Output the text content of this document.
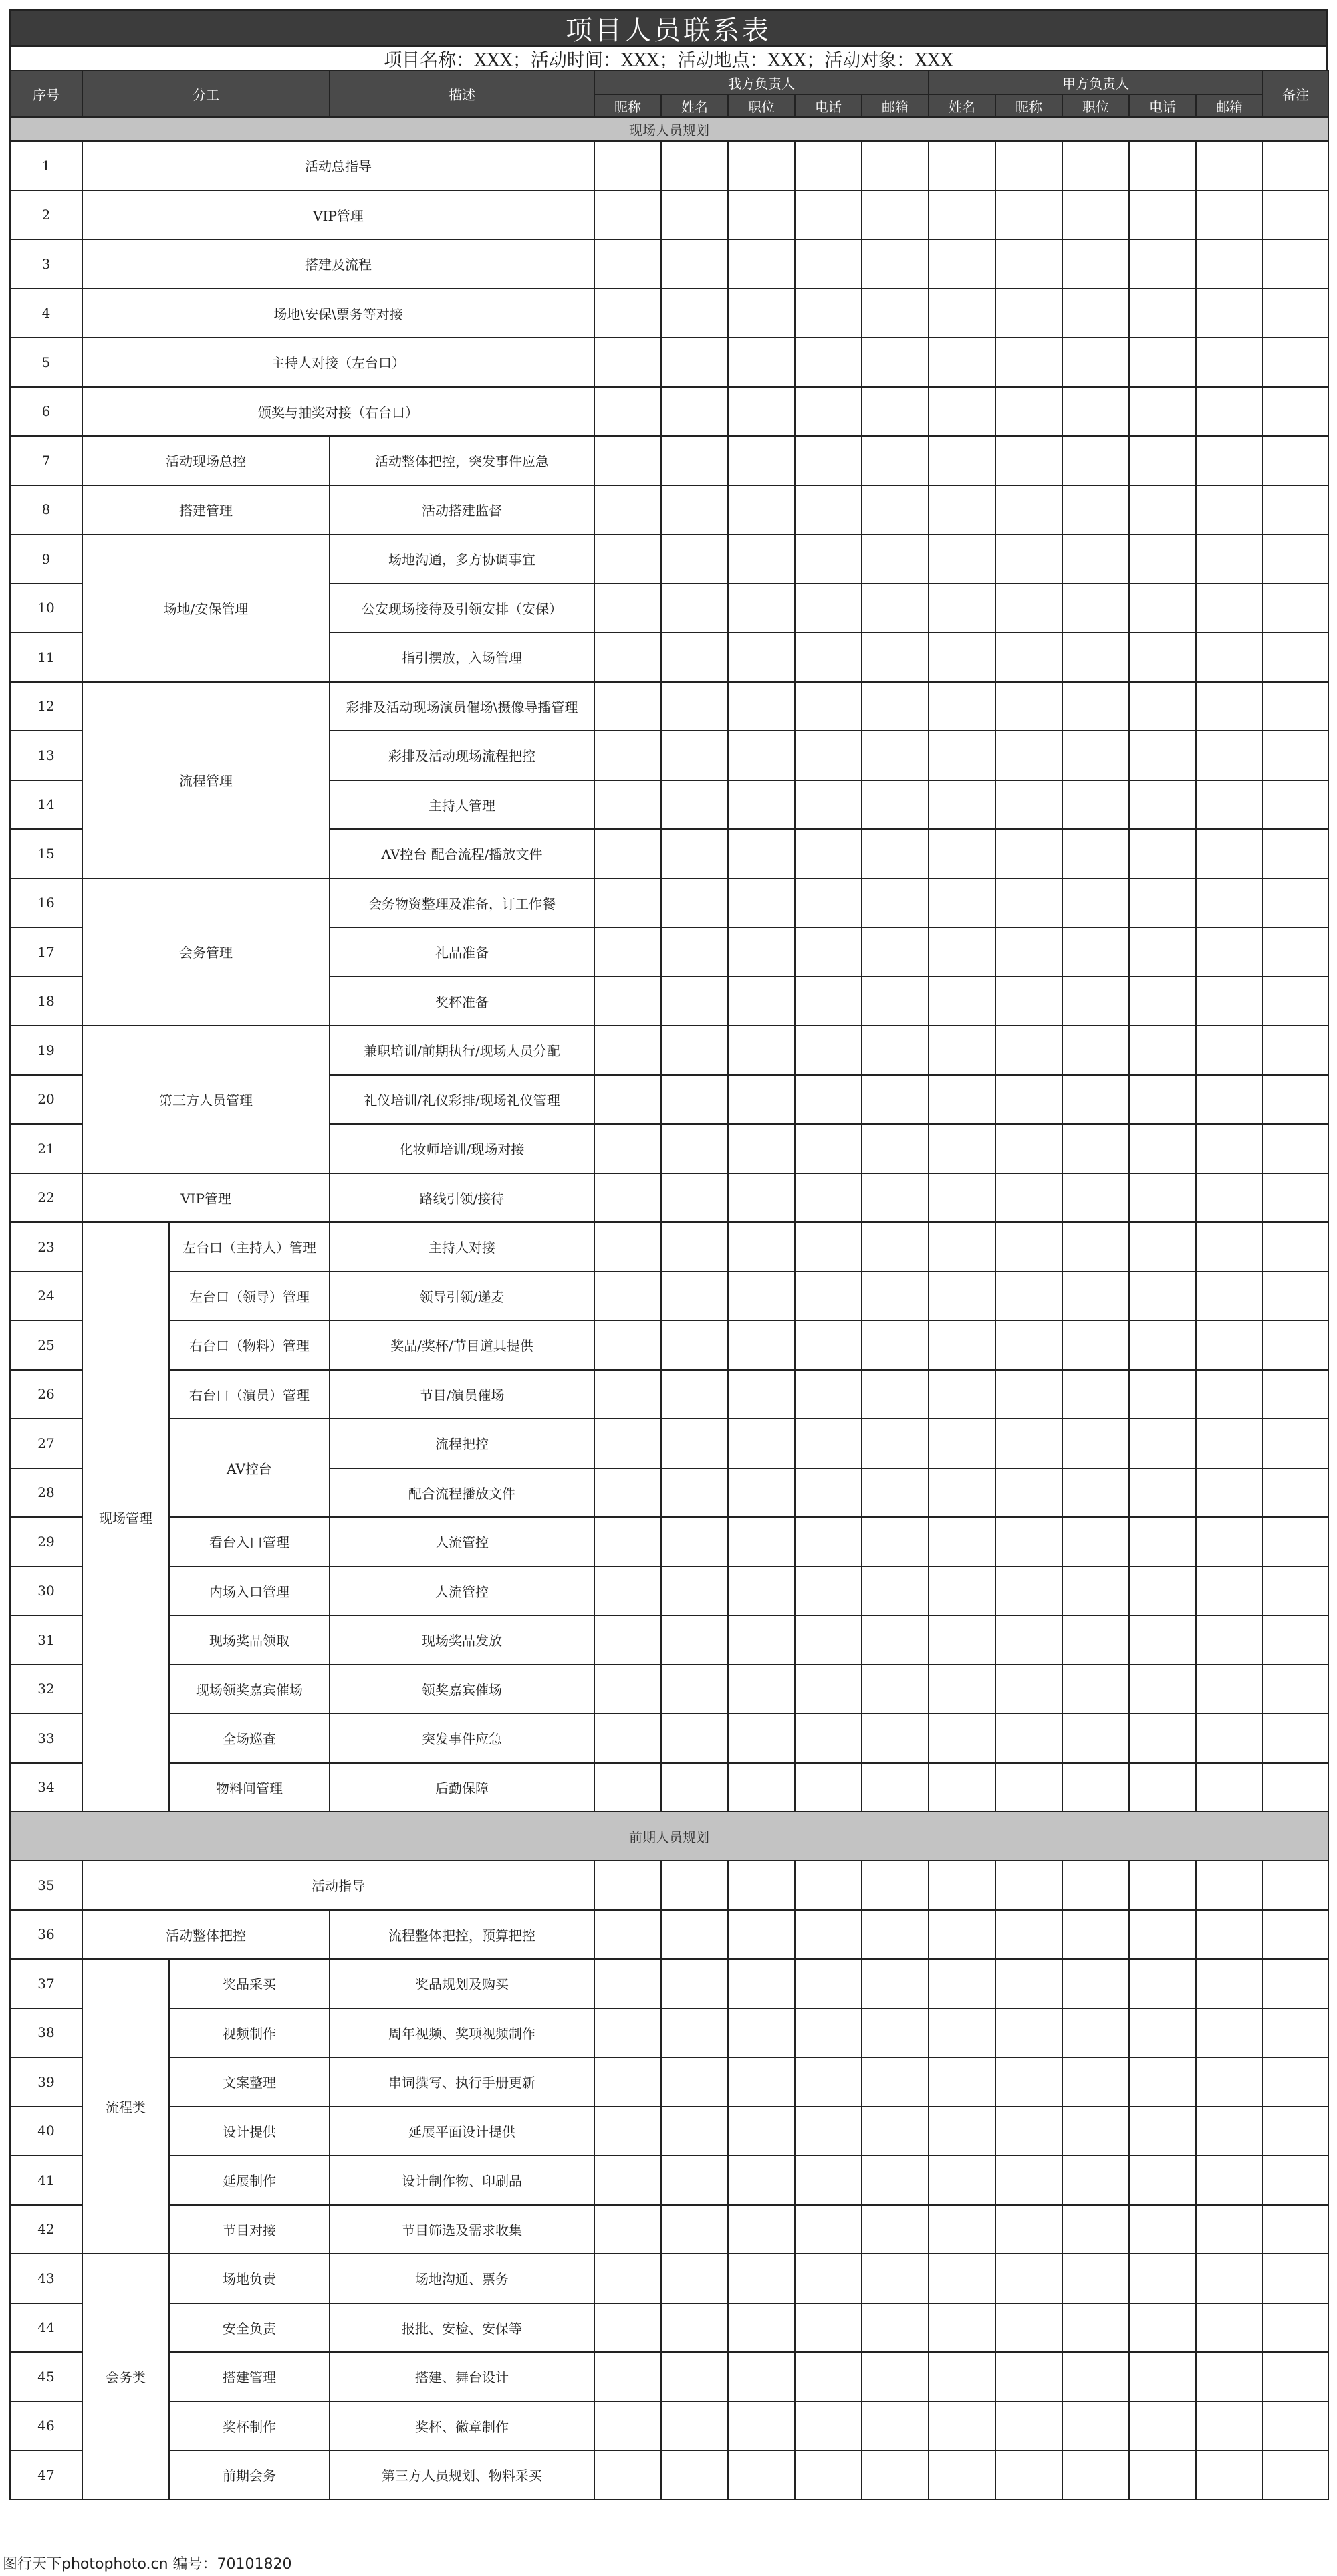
项目人员联系表
项目名称：XXX；活动时间：XXX；活动地点：XXX；活动对象：XXX
序号	分工		描述	我方负责人					甲方负责人					备注
				昵称	姓名	职位	电话	邮箱	姓名	昵称	职位	电话	邮箱	
现场人员规划														
1	活动总指导													
2	VIP管理													
3	搭建及流程													
4	场地\安保\票务等对接													
5	主持人对接（左台口）													
6	颁奖与抽奖对接（右台口）													
7	活动现场总控		活动整体把控，突发事件应急											
8	搭建管理		活动搭建监督											
9	场地/安保管理		场地沟通，多方协调事宜											
10			公安现场接待及引领安排（安保）											
11			指引摆放，入场管理											
12	流程管理		彩排及活动现场演员催场\摄像导播管理											
13			彩排及活动现场流程把控											
14			主持人管理											
15			AV控台 配合流程/播放文件											
16	会务管理		会务物资整理及准备，订工作餐											
17			礼品准备											
18			奖杯准备											
19	第三方人员管理		兼职培训/前期执行/现场人员分配											
20			礼仪培训/礼仪彩排/现场礼仪管理											
21			化妆师培训/现场对接											
22	VIP管理		路线引领/接待											
23	现场管理	左台口（主持人）管理	主持人对接											
24		左台口（领导）管理	领导引领/递麦											
25		右台口（物料）管理	奖品/奖杯/节目道具提供											
26		右台口（演员）管理	节目/演员催场											
27		AV控台	流程把控											
28			配合流程播放文件											
29		看台入口管理	人流管控											
30		内场入口管理	人流管控											
31		现场奖品领取	现场奖品发放											
32		现场领奖嘉宾催场	领奖嘉宾催场											
33		全场巡查	突发事件应急											
34		物料间管理	后勤保障											
前期人员规划														
35	活动指导													
36	活动整体把控		流程整体把控，预算把控											
37	流程类	奖品采买	奖品规划及购买											
38		视频制作	周年视频、奖项视频制作											
39		文案整理	串词撰写、执行手册更新											
40		设计提供	延展平面设计提供											
41		延展制作	设计制作物、印刷品											
42		节目对接	节目筛选及需求收集											
43	会务类	场地负责	场地沟通、票务											
44		安全负责	报批、安检、安保等											
45		搭建管理	搭建、舞台设计											
46		奖杯制作	奖杯、徽章制作											
47		前期会务	第三方人员规划、物料采买											
图行天下photophoto.cn 编号：70101820
